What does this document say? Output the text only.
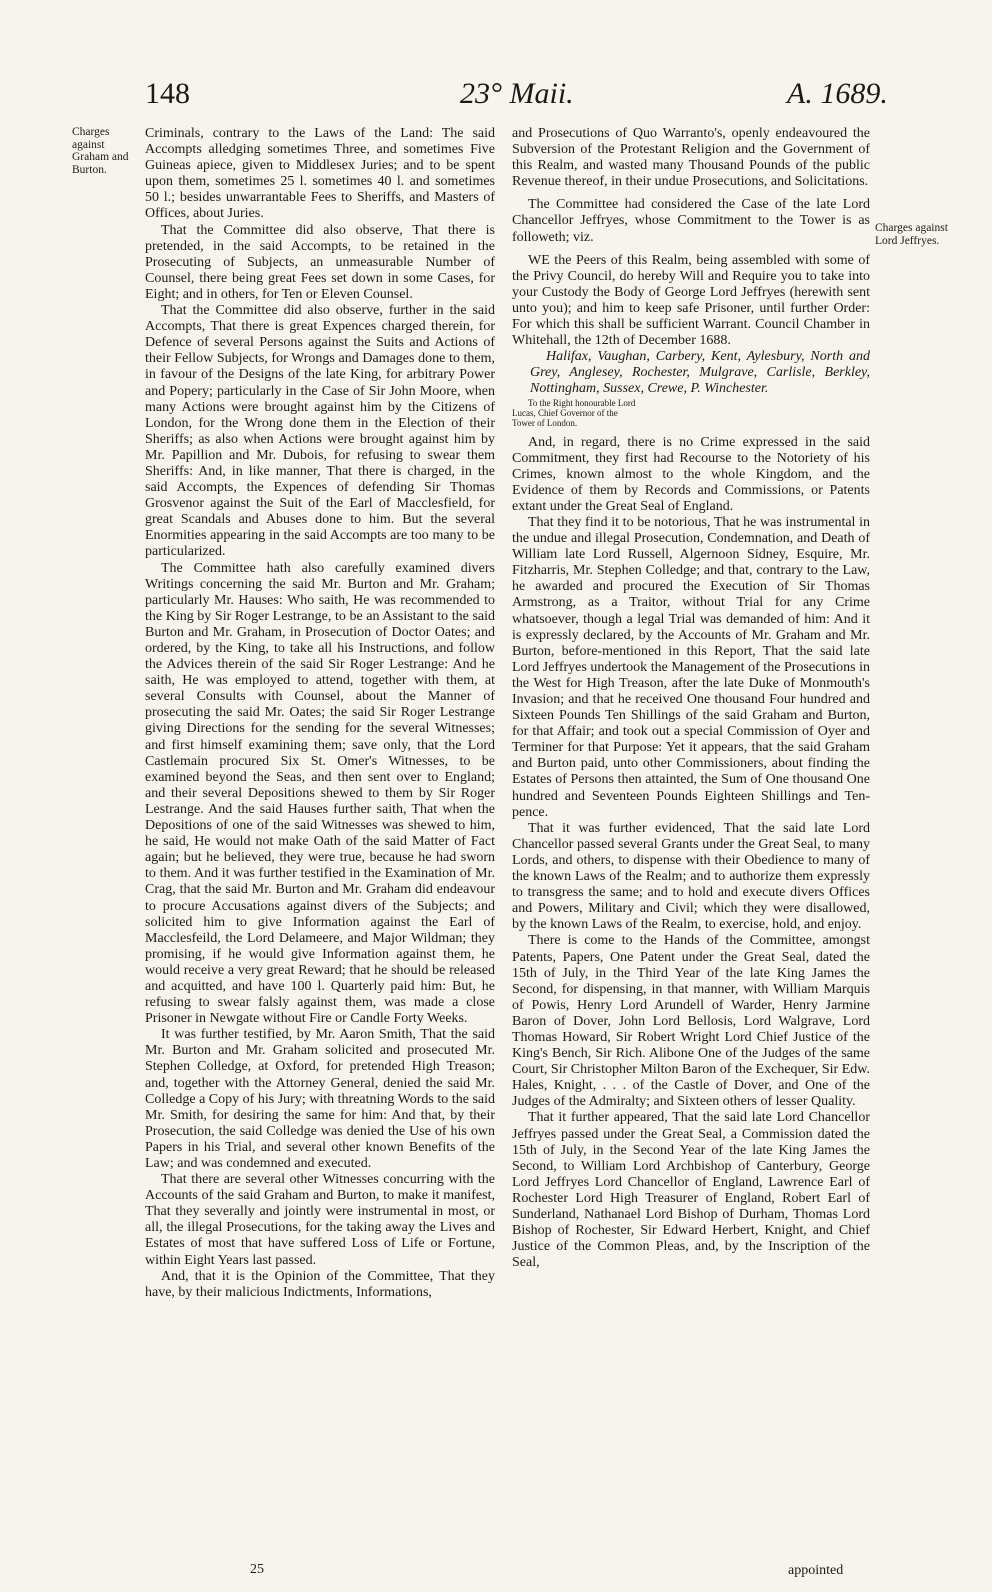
148	23° Maii.	A. 1689.
Charges against Graham and Burton.
Charges against Lord Jeffryes.

Criminals, contrary to the Laws of the Land: The said Accompts alledging sometimes Three, and sometimes Five Guineas apiece, given to Middlesex Juries; and to be spent upon them, sometimes 25 l. sometimes 40 l. and sometimes 50 l.; besides unwarrantable Fees to Sheriffs, and Masters of Offices, about Juries.

That the Committee did also observe, That there is pretended, in the said Accompts, to be retained in the Prosecuting of Subjects, an unmeasurable Number of Counsel, there being great Fees set down in some Cases, for Eight; and in others, for Ten or Eleven Counsel.

That the Committee did also observe, further in the said Accompts, That there is great Expences charged therein, for Defence of several Persons against the Suits and Actions of their Fellow Subjects, for Wrongs and Damages done to them, in favour of the Designs of the late King, for arbitrary Power and Popery; particularly in the Case of Sir John Moore, when many Actions were brought against him by the Citizens of London, for the Wrong done them in the Election of their Sheriffs; as also when Actions were brought against him by Mr. Papillion and Mr. Dubois, for refusing to swear them Sheriffs: And, in like manner, That there is charged, in the said Accompts, the Expences of defending Sir Thomas Grosvenor against the Suit of the Earl of Macclesfield, for great Scandals and Abuses done to him. But the several Enormities appearing in the said Accompts are too many to be particularized.

The Committee hath also carefully examined divers Writings concerning the said Mr. Burton and Mr. Graham; particularly Mr. Hauses: Who saith, He was recommended to the King by Sir Roger Lestrange, to be an Assistant to the said Burton and Mr. Graham, in Prosecution of Doctor Oates; and ordered, by the King, to take all his Instructions, and follow the Advices therein of the said Sir Roger Lestrange: And he saith, He was employed to attend, together with them, at several Consults with Counsel, about the Manner of prosecuting the said Mr. Oates; the said Sir Roger Lestrange giving Directions for the sending for the several Witnesses; and first himself examining them; save only, that the Lord Castlemain procured Six St. Omer's Witnesses, to be examined beyond the Seas, and then sent over to England; and their several Depositions shewed to them by Sir Roger Lestrange. And the said Hauses further saith, That when the Depositions of one of the said Witnesses was shewed to him, he said, He would not make Oath of the said Matter of Fact again; but he believed, they were true, because he had sworn to them. And it was further testified in the Examination of Mr. Crag, that the said Mr. Burton and Mr. Graham did endeavour to procure Accusations against divers of the Subjects; and solicited him to give Information against the Earl of Macclesfeild, the Lord Delameere, and Major Wildman; they promising, if he would give Information against them, he would receive a very great Reward; that he should be released and acquitted, and have 100 l. Quarterly paid him: But, he refusing to swear falsly against them, was made a close Prisoner in Newgate without Fire or Candle Forty Weeks.

It was further testified, by Mr. Aaron Smith, That the said Mr. Burton and Mr. Graham solicited and prosecuted Mr. Stephen Colledge, at Oxford, for pretended High Treason; and, together with the Attorney General, denied the said Mr. Colledge a Copy of his Jury; with threatning Words to the said Mr. Smith, for desiring the same for him: And that, by their Prosecution, the said Colledge was denied the Use of his own Papers in his Trial, and several other known Benefits of the Law; and was condemned and executed.

That there are several other Witnesses concurring with the Accounts of the said Graham and Burton, to make it manifest, That they severally and jointly were instrumental in most, or all, the illegal Prosecutions, for the taking away the Lives and Estates of most that have suffered Loss of Life or Fortune, within Eight Years last passed.

And, that it is the Opinion of the Committee, That they have, by their malicious Indictments, Informations,

and Prosecutions of Quo Warranto's, openly endeavoured the Subversion of the Protestant Religion and the Government of this Realm, and wasted many Thousand Pounds of the public Revenue thereof, in their undue Prosecutions, and Solicitations.

The Committee had considered the Case of the late Lord Chancellor Jeffryes, whose Commitment to the Tower is as followeth; viz.

WE the Peers of this Realm, being assembled with some of the Privy Council, do hereby Will and Require you to take into your Custody the Body of George Lord Jeffryes (herewith sent unto you); and him to keep safe Prisoner, until further Order: For which this shall be sufficient Warrant. Council Chamber in Whitehall, the 12th of December 1688.

Halifax, Vaughan, Carbery, Kent, Aylesbury, North and Grey, Anglesey, Rochester, Mulgrave, Carlisle, Berkley, Nottingham, Sussex, Crewe, P. Winchester.

To the Right honourable Lord Lucas, Chief Governor of the Tower of London.

And, in regard, there is no Crime expressed in the said Commitment, they first had Recourse to the Notoriety of his Crimes, known almost to the whole Kingdom, and the Evidence of them by Records and Commissions, or Patents extant under the Great Seal of England.

That they find it to be notorious, That he was instrumental in the undue and illegal Prosecution, Condemnation, and Death of William late Lord Russell, Algernoon Sidney, Esquire, Mr. Fitzharris, Mr. Stephen Colledge; and that, contrary to the Law, he awarded and procured the Execution of Sir Thomas Armstrong, as a Traitor, without Trial for any Crime whatsoever, though a legal Trial was demanded of him: And it is expressly declared, by the Accounts of Mr. Graham and Mr. Burton, before-mentioned in this Report, That the said late Lord Jeffryes undertook the Management of the Prosecutions in the West for High Treason, after the late Duke of Monmouth's Invasion; and that he received One thousand Four hundred and Sixteen Pounds Ten Shillings of the said Graham and Burton, for that Affair; and took out a special Commission of Oyer and Terminer for that Purpose: Yet it appears, that the said Graham and Burton paid, unto other Commissioners, about finding the Estates of Persons then attainted, the Sum of One thousand One hundred and Seventeen Pounds Eighteen Shillings and Ten-pence.

That it was further evidenced, That the said late Lord Chancellor passed several Grants under the Great Seal, to many Lords, and others, to dispense with their Obedience to many of the known Laws of the Realm; and to authorize them expressly to transgress the same; and to hold and execute divers Offices and Powers, Military and Civil; which they were disallowed, by the known Laws of the Realm, to exercise, hold, and enjoy.

There is come to the Hands of the Committee, amongst Patents, Papers, One Patent under the Great Seal, dated the 15th of July, in the Third Year of the late King James the Second, for dispensing, in that manner, with William Marquis of Powis, Henry Lord Arundell of Warder, Henry Jarmine Baron of Dover, John Lord Bellosis, Lord Walgrave, Lord Thomas Howard, Sir Robert Wright Lord Chief Justice of the King's Bench, Sir Rich. Alibone One of the Judges of the same Court, Sir Christopher Milton Baron of the Exchequer, Sir Edw. Hales, Knight, . . . of the Castle of Dover, and One of the Judges of the Admiralty; and Sixteen others of lesser Quality.

That it further appeared, That the said late Lord Chancellor Jeffryes passed under the Great Seal, a Commission dated the 15th of July, in the Second Year of the late King James the Second, to William Lord Archbishop of Canterbury, George Lord Jeffryes Lord Chancellor of England, Lawrence Earl of Rochester Lord High Treasurer of England, Robert Earl of Sunderland, Nathanael Lord Bishop of Durham, Thomas Lord Bishop of Rochester, Sir Edward Herbert, Knight, and Chief Justice of the Common Pleas, and, by the Inscription of the Seal,

25	appointed
